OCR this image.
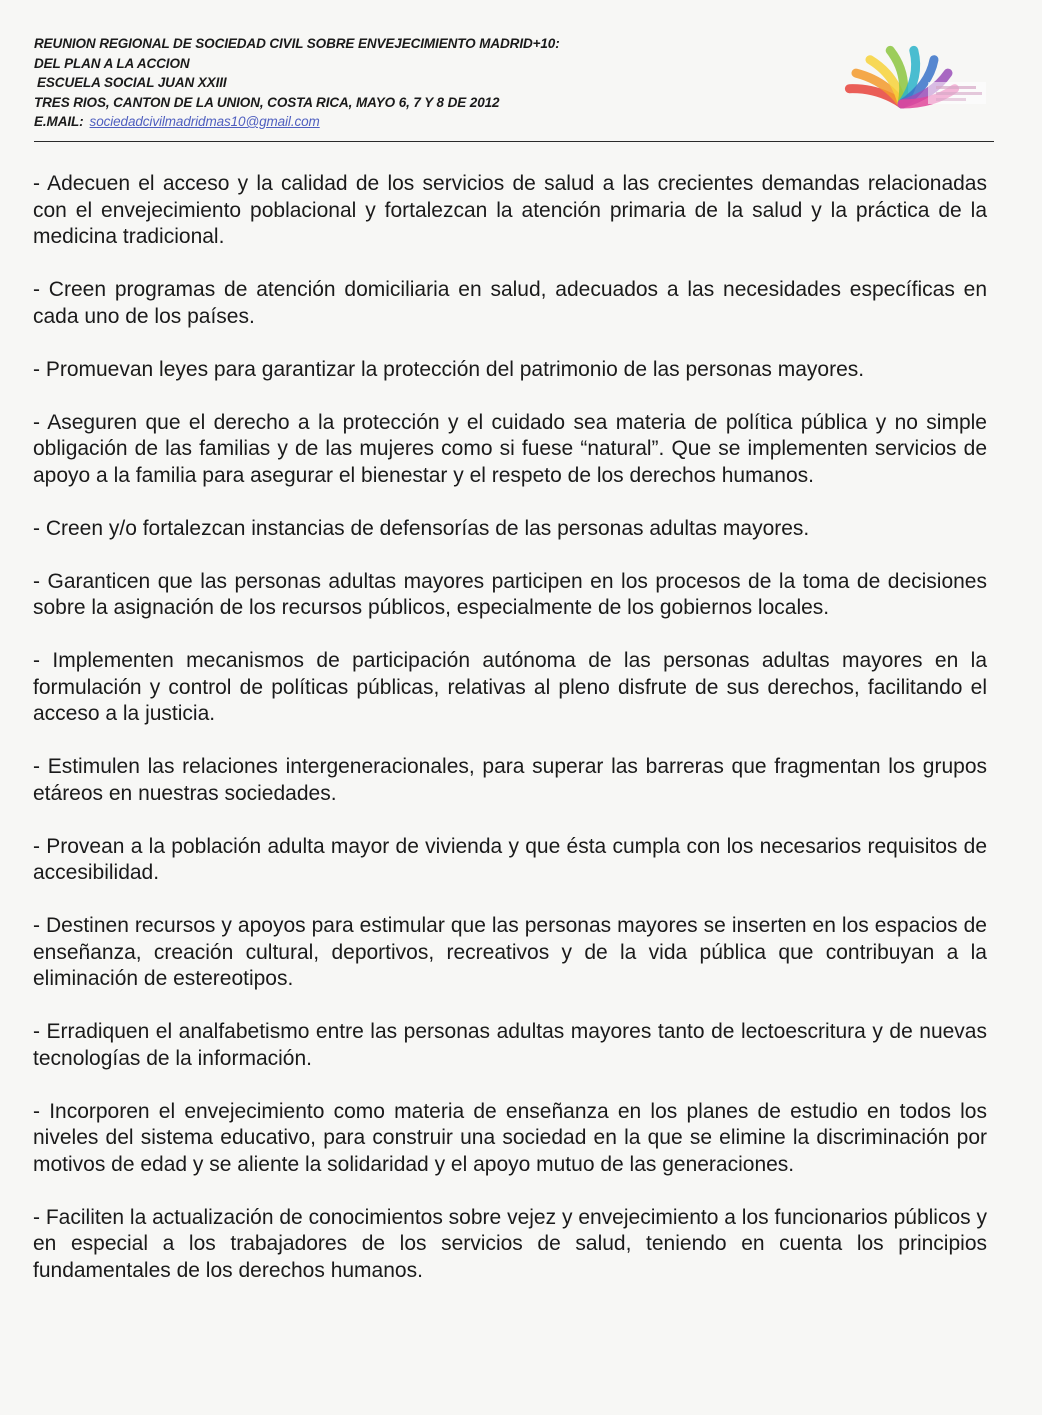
REUNION REGIONAL DE SOCIEDAD CIVIL SOBRE ENVEJECIMIENTO MADRID+10:
DEL PLAN A LA ACCION
ESCUELA SOCIAL JUAN XXIII
TRES RIOS, CANTON DE LA UNION, COSTA RICA, MAYO 6, 7 Y 8 DE 2012
E.MAIL: sociedadcivilmadridmas10@gmail.com

- Adecuen el acceso y la calidad de los servicios de salud a las crecientes demandas relacionadas con el envejecimiento poblacional y fortalezcan la atención primaria de la salud y la práctica de la medicina tradicional.

- Creen programas de atención domiciliaria en salud, adecuados a las necesidades específicas en cada uno de los países.

- Promuevan leyes para garantizar la protección del patrimonio de las personas mayores.

- Aseguren que el derecho a la protección y el cuidado sea materia de política pública y no simple obligación de las familias y de las mujeres como si fuese “natural”. Que se implementen servicios de apoyo a la familia para asegurar el bienestar y el respeto de los derechos humanos.

- Creen y/o fortalezcan instancias de defensorías de las personas adultas mayores.

- Garanticen que las personas adultas mayores participen en los procesos de la toma de decisiones sobre la asignación de los recursos públicos, especialmente de los gobiernos locales.

- Implementen mecanismos de participación autónoma de las personas adultas mayores en la formulación y control de políticas públicas, relativas al pleno disfrute de sus derechos, facilitando el acceso a la justicia.

- Estimulen las relaciones intergeneracionales, para superar las barreras que fragmentan los grupos etáreos en nuestras sociedades.

- Provean a la población adulta mayor de vivienda y que ésta cumpla con los necesarios requisitos de accesibilidad.

- Destinen recursos y apoyos para estimular que las personas mayores se inserten en los espacios de enseñanza, creación cultural, deportivos, recreativos y de la vida pública que contribuyan a la eliminación de estereotipos.

- Erradiquen el analfabetismo entre las personas adultas mayores tanto de lectoescritura y de nuevas tecnologías de la información.

- Incorporen el envejecimiento como materia de enseñanza en los planes de estudio en todos los niveles del sistema educativo, para construir una sociedad en la que se elimine la discriminación por motivos de edad y se aliente la solidaridad y el apoyo mutuo de las generaciones.

- Faciliten la actualización de conocimientos sobre vejez y envejecimiento a los funcionarios públicos y en especial a los trabajadores de los servicios de salud, teniendo en cuenta los principios fundamentales de los derechos humanos.
